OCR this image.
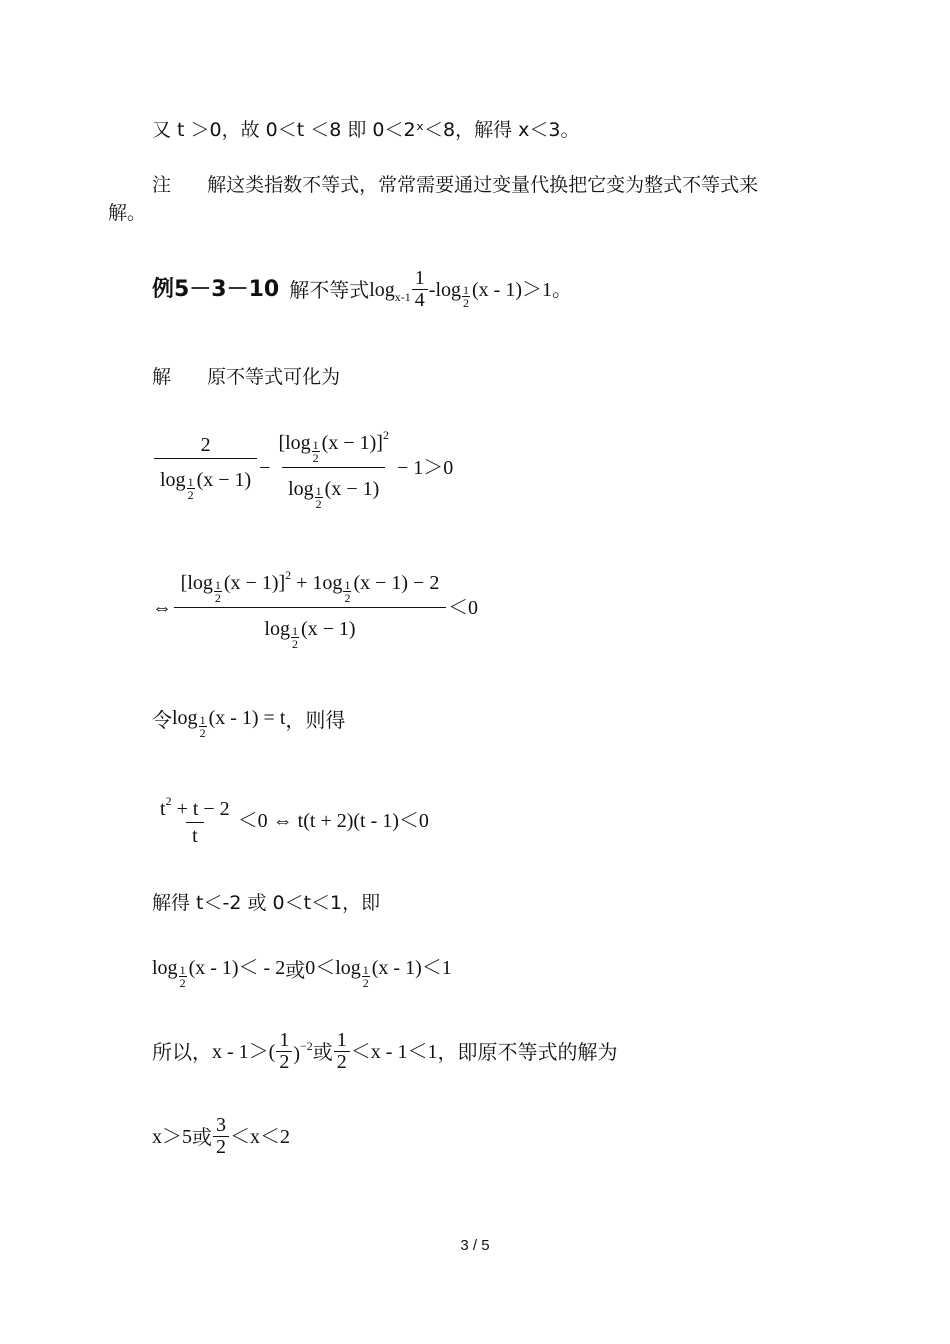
又 t ＞0，故 0＜t ＜8 即 0＜2ˣ＜8，解得 x＜3。
注 解这类指数不等式，常常需要通过变量代换把它变为整式不等式来
解。
例5－3－10 解不等式 $\log x-1 \frac{1}{4} -\log$ 1
2
(x - 1)＞1。
解 原不等式可化为
$\frac{2}{\log \frac{1}{2} (x - 1)} - \frac{[\log \frac{1}{2} (x - 1)]^2}{\log \frac{1}{2} (x - 1)} - 1>0$
⇔ $\frac{[\log \frac{1}{2} (x - 1)]^2 + 1og \frac{1}{2} (x - 1) - 2}{\log \frac{1}{2} (x - 1)} <0$
令 $\log \frac{1}{2} (x - 1) = t$ ，则得
$\frac{t^2 + t - 2}{t} <0$ ⇔ t(t + 2)(t - 1)＜0
解得 t＜-2 或 0＜t＜1，即
$\log \frac{1}{2} (x - 1)< - 2$ 或 $0<\log \frac{1}{2} (x - 1)<1$
所以， $x - 1>( \frac{1}{2} )^{-2}$ 或 $\frac{1}{2} <x - 1<1$ ，即原不等式的解为
x＞5 或 $\frac{3}{2} <x<2$
3 / 5
